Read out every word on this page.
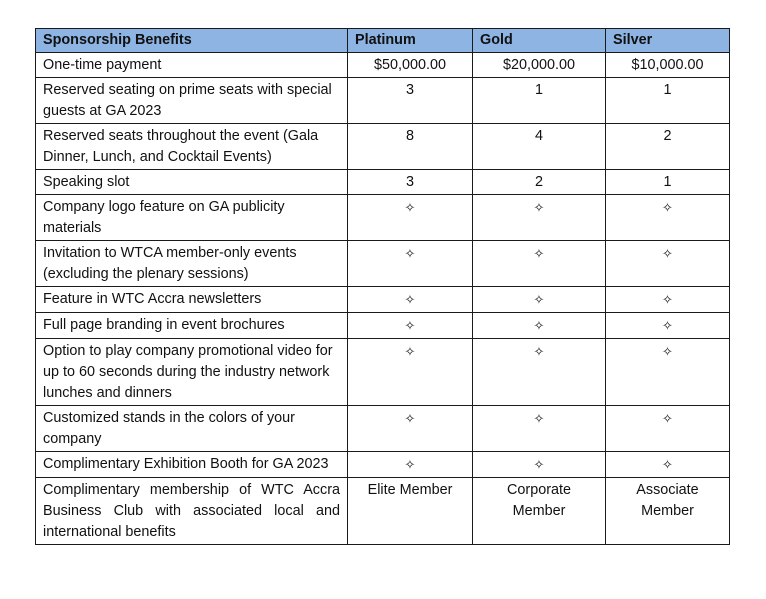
Sponsorship Benefits	Platinum	Gold	Silver
One-time payment	$50,000.00	$20,000.00	$10,000.00
Reserved seating on prime seats with special guests at GA 2023	3	1	1
Reserved seats throughout the event (Gala Dinner, Lunch, and Cocktail Events)	8	4	2
Speaking slot	3	2	1
Company logo feature on GA publicity materials	✧	✧	✧
Invitation to WTCA member-only events (excluding the plenary sessions)	✧	✧	✧
Feature in WTC Accra newsletters	✧	✧	✧
Full page branding in event brochures	✧	✧	✧
Option to play company promotional video for up to 60 seconds during the industry network lunches and dinners	✧	✧	✧
Customized stands in the colors of your company	✧	✧	✧
Complimentary Exhibition Booth for GA 2023	✧	✧	✧
Complimentary membership of WTC Accra Business Club with associated local and international benefits	Elite Member	Corporate Member	Associate Member
